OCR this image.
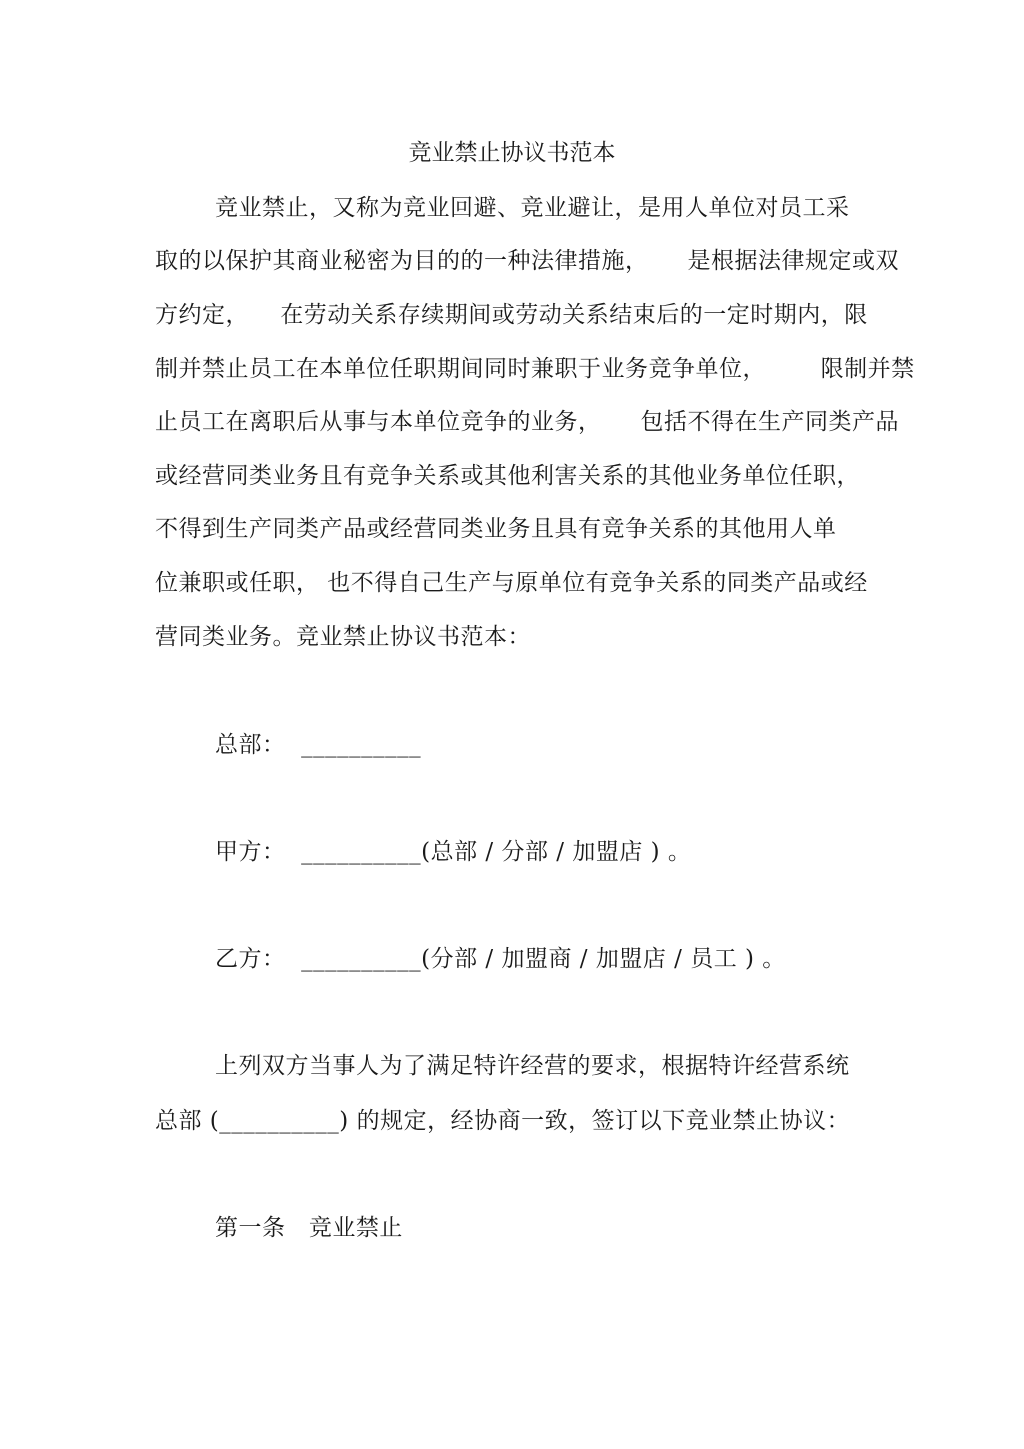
竞业禁止协议书范本
竞业禁止，又称为竞业回避、竞业避让，是用人单位对员工采
取的以保护其商业秘密为目的的一种法律措施，     是根据法律规定或双
方约定，    在劳动关系存续期间或劳动关系结束后的一定时期内，限
制并禁止员工在本单位任职期间同时兼职于业务竞争单位，       限制并禁
止员工在离职后从事与本单位竞争的业务，     包括不得在生产同类产品
或经营同类业务且有竞争关系或其他利害关系的其他业务单位任职，
不得到生产同类产品或经营同类业务且具有竞争关系的其他用人单
位兼职或任职， 也不得自己生产与原单位有竞争关系的同类产品或经
营同类业务。竞业禁止协议书范本：
总部：  __________
甲方：  __________(总部 / 分部 / 加盟店 ) 。
乙方：  __________(分部 / 加盟商 / 加盟店 / 员工 ) 。
上列双方当事人为了满足特许经营的要求，根据特许经营系统
总部 (__________) 的规定，经协商一致，签订以下竞业禁止协议：
第一条   竞业禁止
